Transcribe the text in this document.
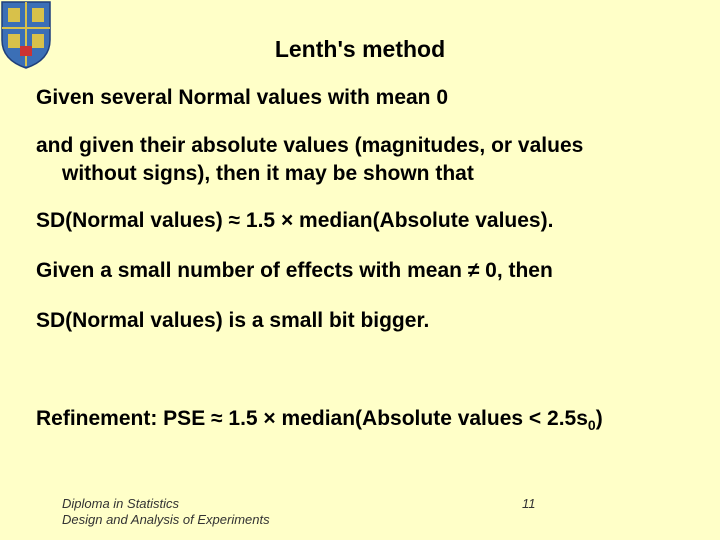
Lenth's method
Given several Normal values with mean 0
and given their absolute values (magnitudes, or values
without signs), then it may be shown that
SD(Normal values) ≈ 1.5 × median(Absolute values).
Given a small number of effects with mean ≠ 0, then
SD(Normal values) is a small bit bigger.
Refinement: PSE ≈ 1.5 × median(Absolute values < $2.5s_0$)
Diploma in Statistics
Design and Analysis of Experiments
11
